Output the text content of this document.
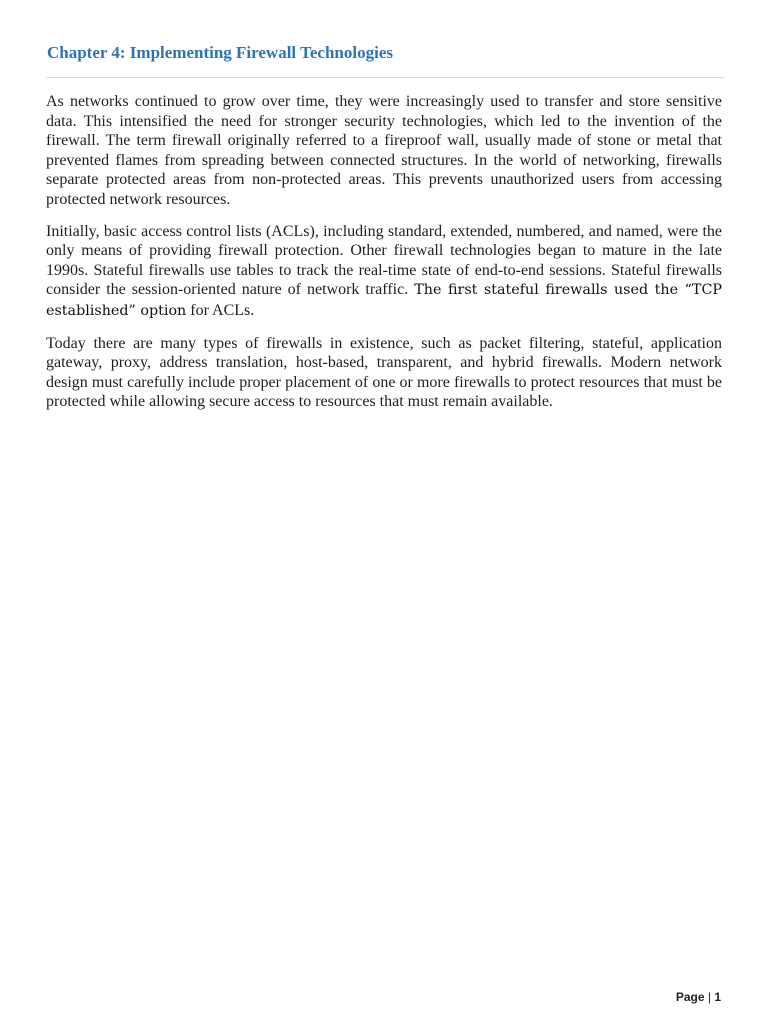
Chapter 4: Implementing Firewall Technologies

As networks continued to grow over time, they were increasingly used to transfer and store sensitive data. This intensified the need for stronger security technologies, which led to the invention of the firewall. The term firewall originally referred to a fireproof wall, usually made of stone or metal that prevented flames from spreading between connected structures. In the world of networking, firewalls separate protected areas from non-protected areas. This prevents unauthorized users from accessing protected network resources.

Initially, basic access control lists (ACLs), including standard, extended, numbered, and named, were the only means of providing firewall protection. Other firewall technologies began to mature in the late 1990s. Stateful firewalls use tables to track the real-time state of end-to-end sessions. Stateful firewalls consider the session-oriented nature of network traffic. The first stateful firewalls used the “TCP established” option for ACLs.

Today there are many types of firewalls in existence, such as packet filtering, stateful, application gateway, proxy, address translation, host-based, transparent, and hybrid firewalls. Modern network design must carefully include proper placement of one or more firewalls to protect resources that must be protected while allowing secure access to resources that must remain available.

Page | 1
